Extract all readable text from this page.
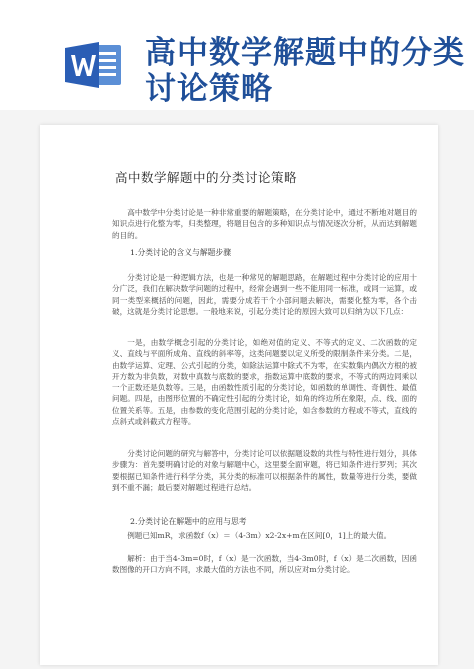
高中数学解题中的分类讨论策略
高中数学解题中的分类讨论策略

高中数学中分类讨论是一种非常重要的解题策略，在分类讨论中，通过不断地对题目的知识点进行化整为零，归类整理，将题目包含的多种知识点与情况逐次分析，从而达到解题的目的。

1.分类讨论的含义与解题步骤

分类讨论是一种逻辑方法，也是一种常见的解题思路，在解题过程中分类讨论的应用十分广泛，我们在解决数学问题的过程中，经常会遇到一些不能用同一标准，或同一运算，或同一类型来概括的问题，因此，需要分成若干个小部问题去解决，需要化整为零，各个击破，这就是分类讨论思想。一般地来说，引起分类讨论的原因大致可以归纳为以下几点：

一是，由数学概念引起的分类讨论，如绝对值的定义、不等式的定义、二次函数的定义、直线与平面所成角、直线的斜率等，这类问题要以定义所受的限制条件来分类。二是，由数学运算、定理、公式引起的分类，如除法运算中除式不为零，在实数集内偶次方根的被开方数为非负数，对数中真数与底数的要求，指数运算中底数的要求，不等式的两边同乘以一个正数还是负数等。三是，由函数性质引起的分类讨论，如函数的单调性、奇偶性、最值问题。四是，由图形位置的不确定性引起的分类讨论，如角的终边所在象限，点、线、面的位置关系等。五是，由参数的变化范围引起的分类讨论，如含参数的方程或不等式，直线的点斜式或斜截式方程等。

分类讨论问题的研究与解答中，分类讨论可以依据题设数的共性与特性进行划分，具体步骤为：首先要明确讨论的对象与解题中心，这里要全面审题，将已知条件进行罗列；其次要根据已知条件进行科学分类，其分类的标准可以根据条件的属性，数量等进行分类，要做到不重不漏；最后要对解题过程进行总结。

2.分类讨论在解题中的应用与思考

例题已知mR，求函数f（x）＝（4-3m）x2-2x+m在区间[0，1]上的最大值。

解析：由于当4-3m=0时，f（x）是一次函数，当4-3m0时，f（x）是二次函数，因函数图像的开口方向不同，求最大值的方法也不同，所以应对m分类讨论。
